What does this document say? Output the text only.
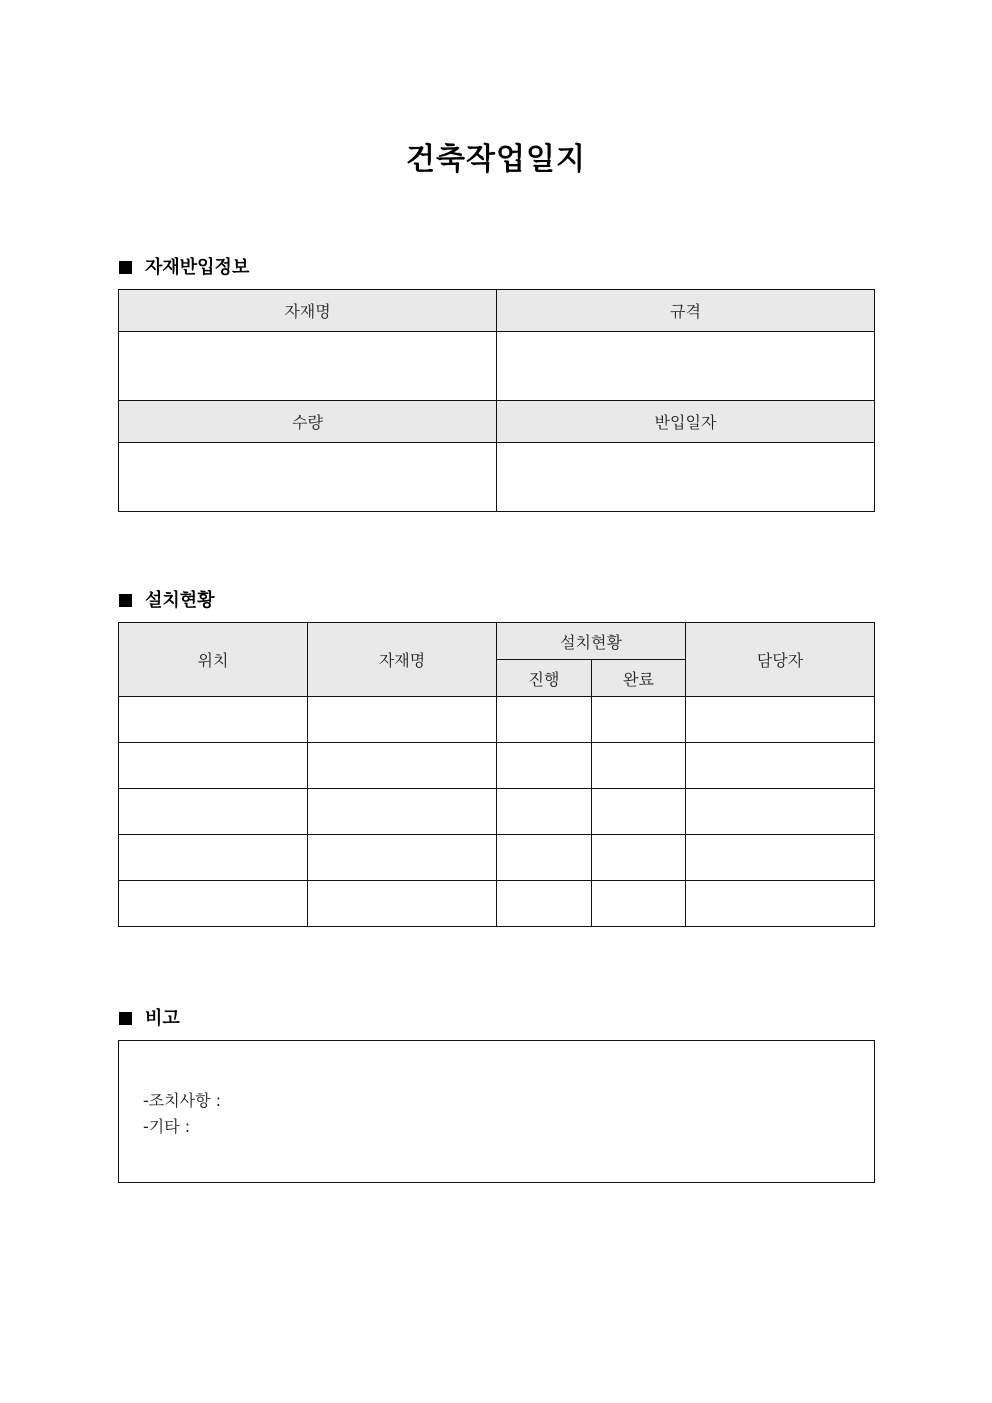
건축작업일지
자재반입정보
자재명	규격

수량	반입일자

설치현황
위치	자재명	설치현황		담당자
		진행	완료	

비고
-조치사항 :
-기타 :
